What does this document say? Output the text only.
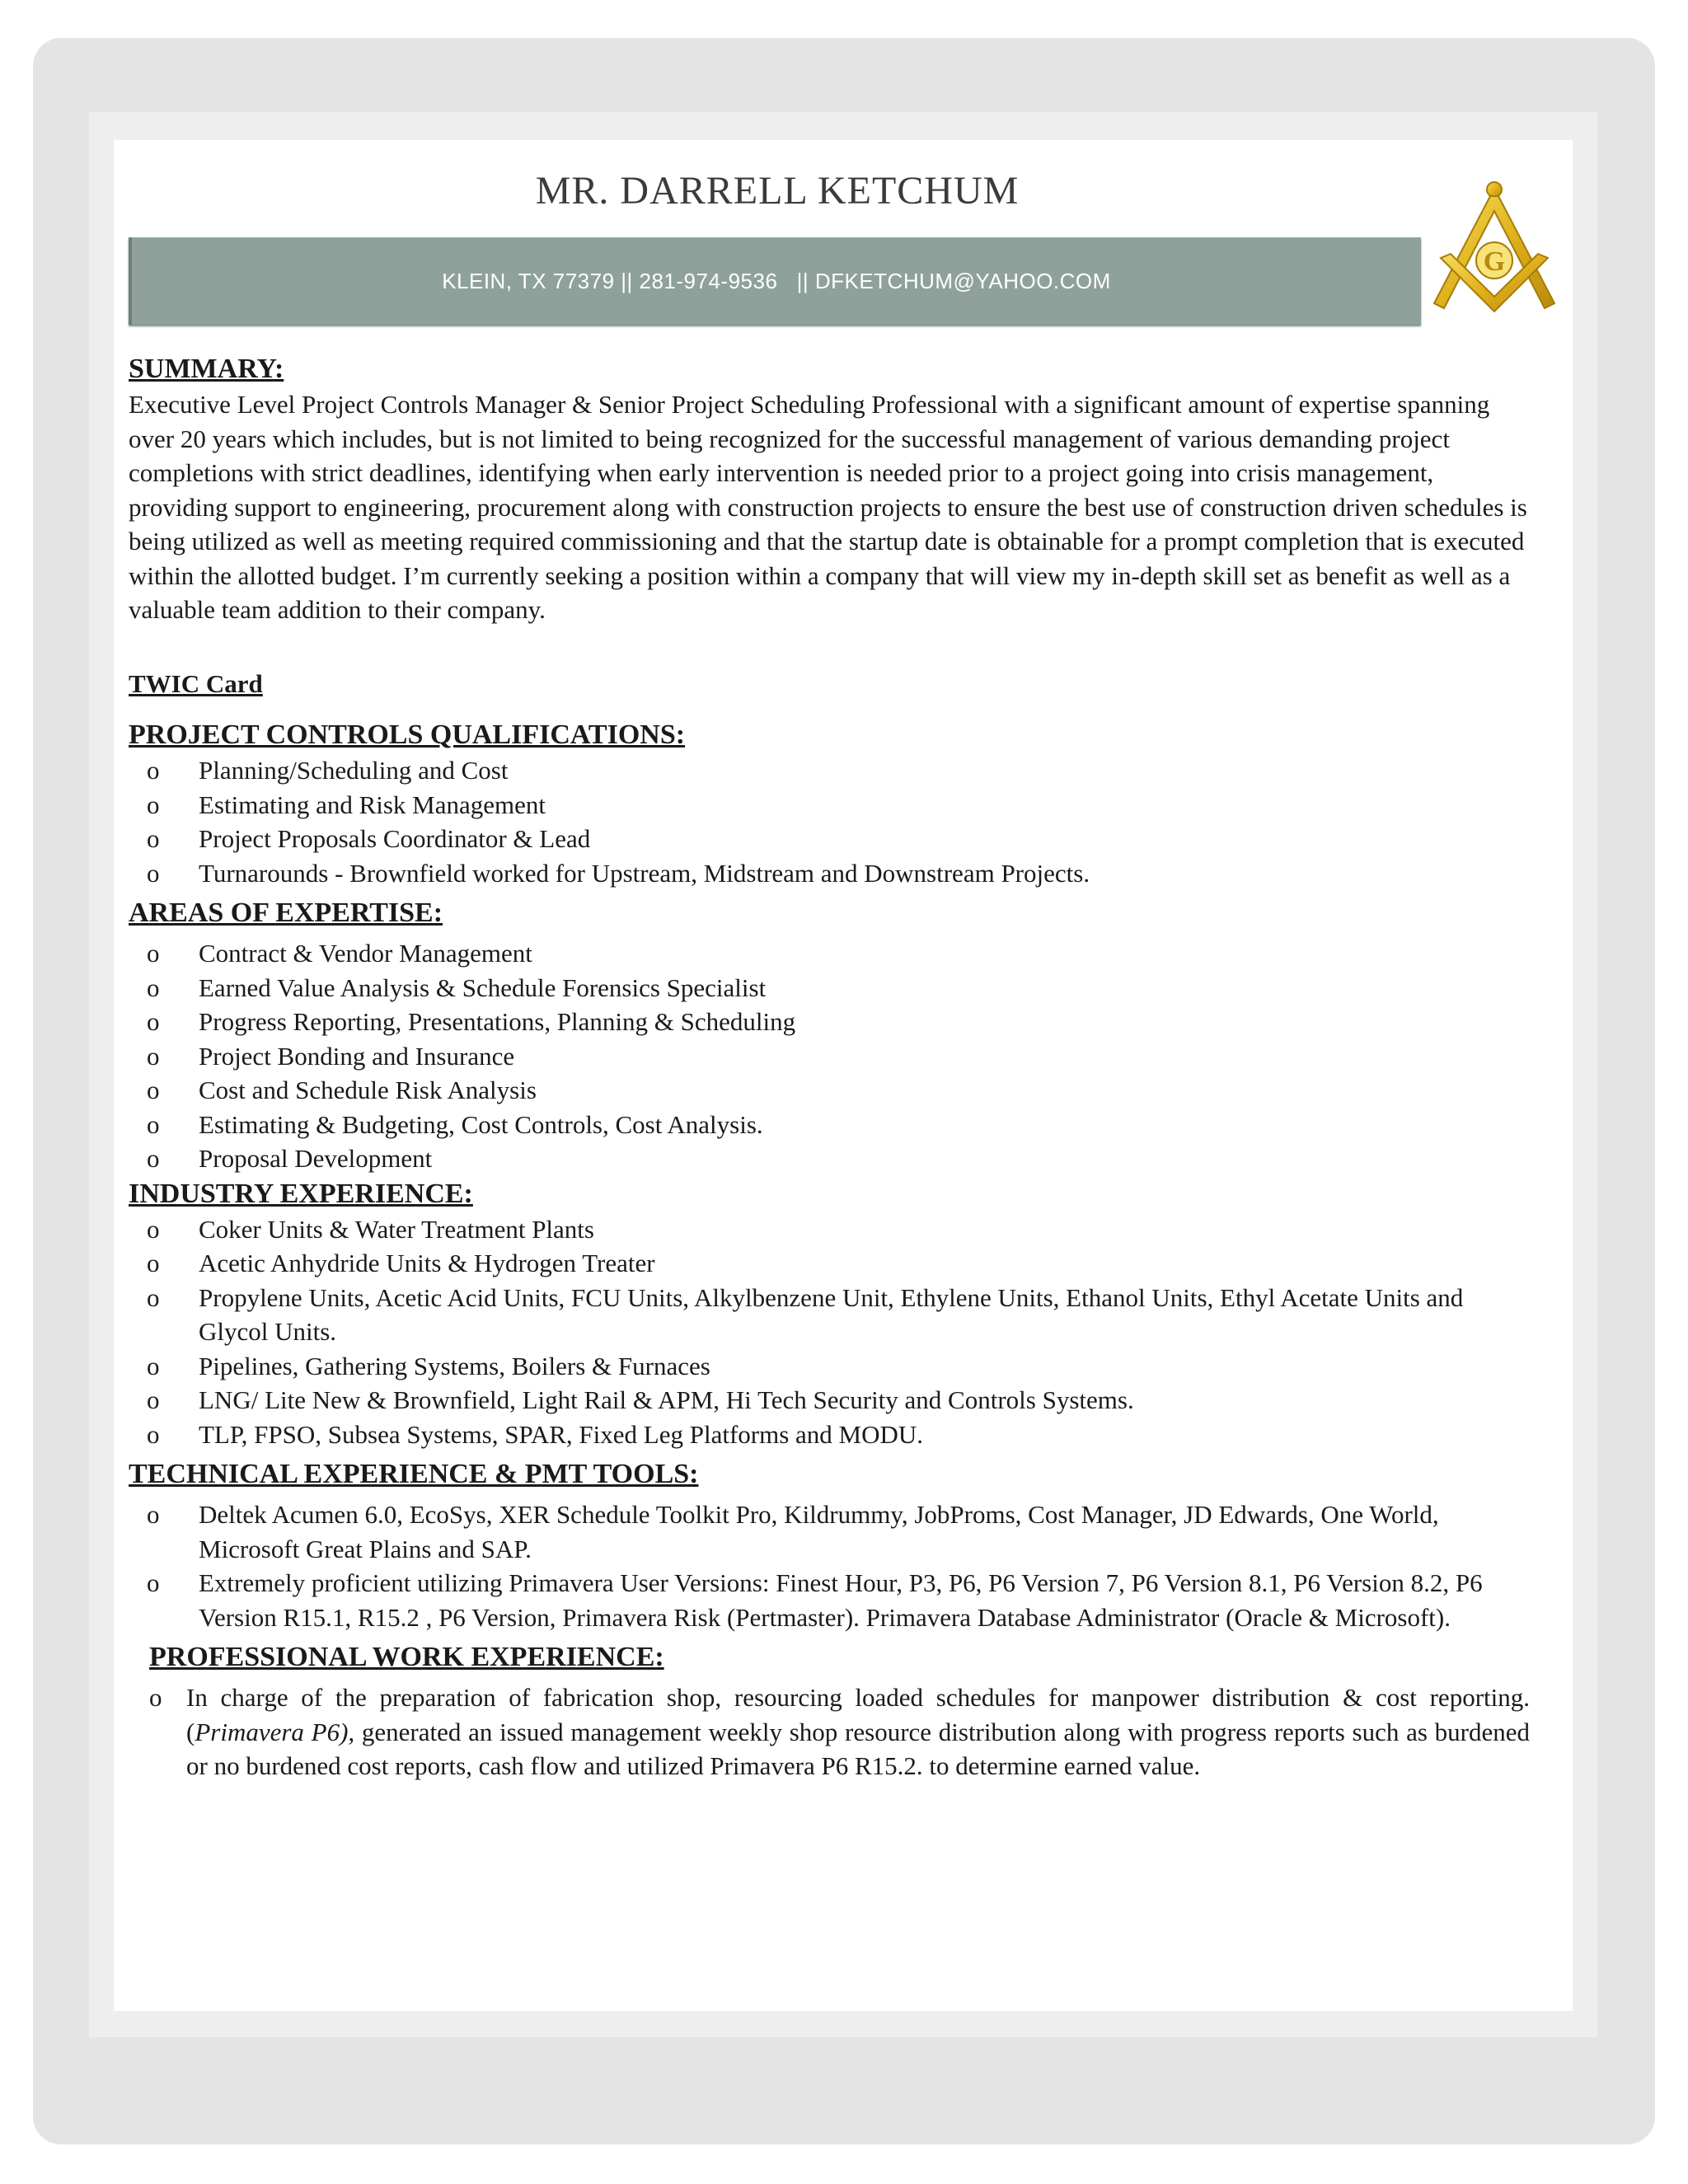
MR. DARRELL KETCHUM
KLEIN, TX 77379 || 281-974-9536   || DFKETCHUM@YAHOO.COM
G
SUMMARY:

Executive Level Project Controls Manager & Senior Project Scheduling Professional with a significant amount of expertise spanning over 20 years which includes, but is not limited to being recognized for the successful management of various demanding project completions with strict deadlines, identifying when early intervention is needed prior to a project going into crisis management, providing support to engineering, procurement along with construction projects to ensure the best use of construction driven schedules is being utilized as well as meeting required commissioning and that the startup date is obtainable for a prompt completion that is executed within the allotted budget. I’m currently seeking a position within a company that will view my in-depth skill set as benefit as well as a valuable team addition to their company.

TWIC Card
PROJECT CONTROLS QUALIFICATIONS:
o Planning/Scheduling and Cost
o Estimating and Risk Management
o Project Proposals Coordinator & Lead
o Turnarounds - Brownfield worked for Upstream, Midstream and Downstream Projects.
AREAS OF EXPERTISE:
o Contract & Vendor Management
o Earned Value Analysis & Schedule Forensics Specialist
o Progress Reporting, Presentations, Planning & Scheduling
o Project Bonding and Insurance
o Cost and Schedule Risk Analysis
o Estimating & Budgeting, Cost Controls, Cost Analysis.
o Proposal Development
INDUSTRY EXPERIENCE:
o Coker Units & Water Treatment Plants
o Acetic Anhydride Units & Hydrogen Treater
o Propylene Units, Acetic Acid Units, FCU Units, Alkylbenzene Unit, Ethylene Units, Ethanol Units, Ethyl Acetate Units and Glycol Units.
o Pipelines, Gathering Systems, Boilers & Furnaces
o LNG/ Lite New & Brownfield, Light Rail & APM, Hi Tech Security and Controls Systems.
o TLP, FPSO, Subsea Systems, SPAR, Fixed Leg Platforms and MODU.
TECHNICAL EXPERIENCE & PMT TOOLS:
o Deltek Acumen 6.0, EcoSys, XER Schedule Toolkit Pro, Kildrummy, JobProms, Cost Manager, JD Edwards, One World, Microsoft Great Plains and SAP.
o Extremely proficient utilizing Primavera User Versions: Finest Hour, P3, P6, P6 Version 7, P6 Version 8.1, P6 Version 8.2, P6 Version R15.1, R15.2 , P6 Version, Primavera Risk (Pertmaster). Primavera Database Administrator (Oracle & Microsoft).
PROFESSIONAL WORK EXPERIENCE:
o In charge of the preparation of fabrication shop, resourcing loaded schedules for manpower distribution & cost reporting. (Primavera P6), generated an issued management weekly shop resource distribution along with progress reports such as burdened or no burdened cost reports, cash flow and utilized Primavera P6 R15.2. to determine earned value.
